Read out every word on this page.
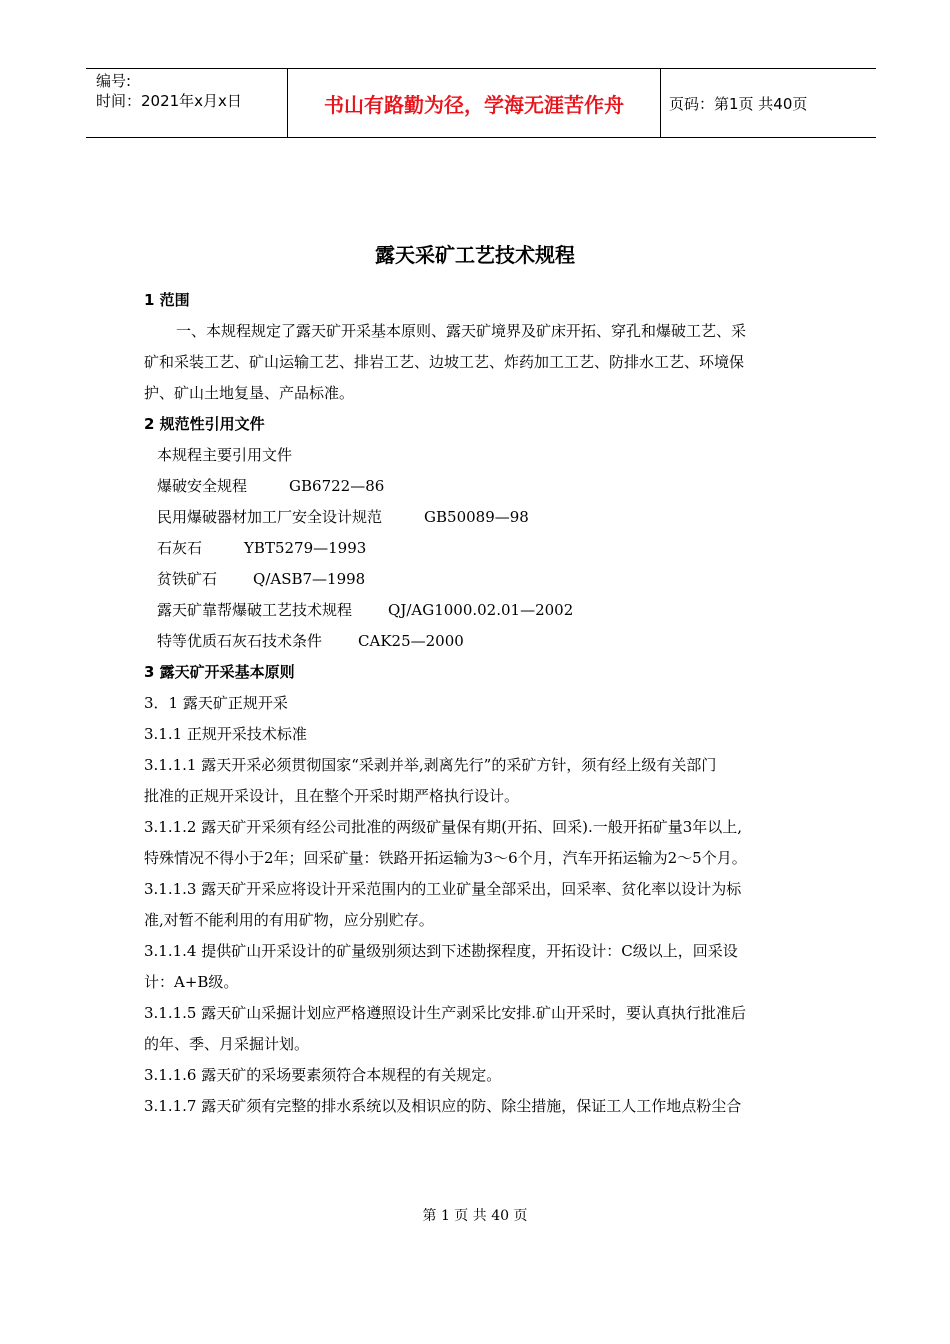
编号:
时间：2021年x月x日	书山有路勤为径，学海无涯苦作舟	页码：第1页 共40页
露天采矿工艺技术规程
1 范围
一、本规程规定了露天矿开采基本原则、露天矿境界及矿床开拓、穿孔和爆破工艺、采
矿和采装工艺、矿山运输工艺、排岩工艺、边坡工艺、炸药加工工艺、防排水工艺、环境保
护、矿山土地复垦、产品标准。
2 规范性引用文件
本规程主要引用文件
爆破安全规程	GB6722—86
民用爆破器材加工厂安全设计规范	GB50089—98
石灰石	YBT5279—1993
贫铁矿石 Q/ASB7—1998
露天矿靠帮爆破工艺技术规程 QJ/AG1000.02.01—2002
特等优质石灰石技术条件 CAK25—2000
3 露天矿开采基本原则
3．1 露天矿正规开采
3.1.1 正规开采技术标准
3.1.1.1 露天开采必须贯彻国家“采剥并举,剥离先行”的采矿方针，须有经上级有关部门
批准的正规开采设计，且在整个开采时期严格执行设计。
3.1.1.2 露天矿开采须有经公司批准的两级矿量保有期(开拓、回采).一般开拓矿量3年以上,
特殊情况不得小于2年；回采矿量：铁路开拓运输为3～6个月，汽车开拓运输为2～5个月。
3.1.1.3 露天矿开采应将设计开采范围内的工业矿量全部采出，回采率、贫化率以设计为标
准,对暂不能利用的有用矿物，应分别贮存。
3.1.1.4 提供矿山开采设计的矿量级别须达到下述勘探程度，开拓设计：C级以上，回采设
计：A+B级。
3.1.1.5 露天矿山采掘计划应严格遵照设计生产剥采比安排.矿山开采时，要认真执行批准后
的年、季、月采掘计划。
3.1.1.6 露天矿的采场要素须符合本规程的有关规定。
3.1.1.7 露天矿须有完整的排水系统以及相识应的防、除尘措施，保证工人工作地点粉尘合
第 1 页 共 40 页
